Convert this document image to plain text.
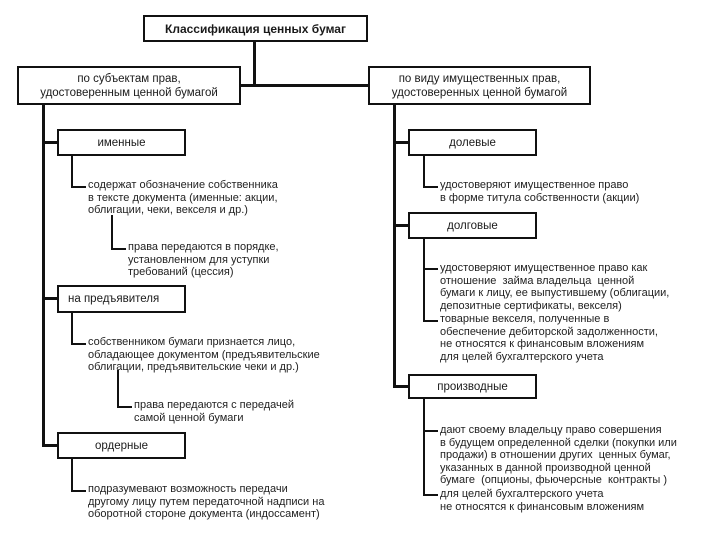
Классификация ценных бумаг
по субъектам прав,
удостоверенным ценной бумагой
по виду имущественных прав,
удостоверенных ценной бумагой
именные
на предъявителя
ордерные
долевые
долговые
производные
содержат обозначение собственника
в тексте документа (именные: акции,
облигации, чеки, векселя и др.)
права передаются в порядке,
установленном для уступки
требований (цессия)
собственником бумаги признается лицо,
обладающее документом (предъявительские
облигации, предъявительские чеки и др.)
права передаются с передачей
самой ценной бумаги
подразумевают возможность передачи
другому лицу путем передаточной надписи на
оборотной стороне документа (индоссамент)
удостоверяют имущественное право
в форме титула собственности (акции)
удостоверяют имущественное право как
отношение  займа владельца  ценной
бумаги к лицу, ее выпустившему (облигации,
депозитные сертификаты, векселя)
товарные векселя, полученные в
обеспечение дебиторской задолженности,
не относятся к финансовым вложениям
для целей бухгалтерского учета
дают своему владельцу право совершения
в будущем определенной сделки (покупки или
продажи) в отношении других  ценных бумаг,
указанных в данной производной ценной
бумаге  (опционы, фьючерсные  контракты )
для целей бухгалтерского учета
не относятся к финансовым вложениям
